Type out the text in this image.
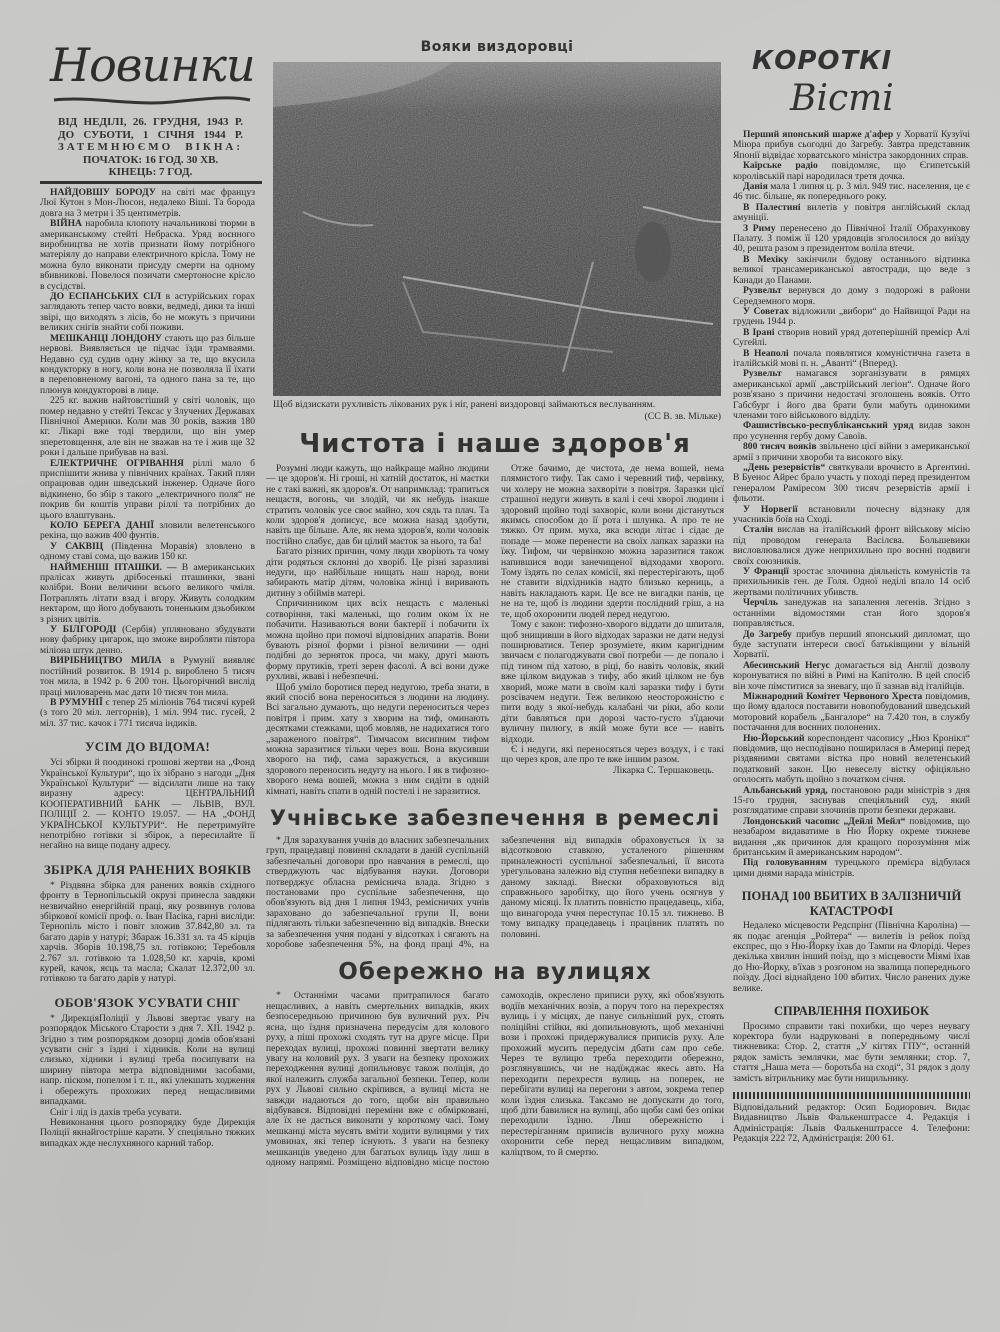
Новинки
ВІД НЕДІЛІ, 26. ГРУДНЯ, 1943 Р.
ДО СУБОТИ, 1 СІЧНЯ 1944 Р.
ЗАТЕМНЮЄМО ВІКНА:
ПОЧАТОК: 16 ГОД. 30 ХВ.
КІНЕЦЬ: 7 ГОД.

НАЙДОВШУ БОРОДУ на світі має француз Люї Кутон з Мон-Люсон, недалеко Віші. Та борода довга на 3 метри і 35 центиметрів.

ВІЙНА наробила клопоту начальникові тюрми в американському стейті Небраска. Уряд воєнного виробництва не хотів признати йому потрібного матеріялу до направи електричного крісла. Тому не можна було виконати присуду смерти на одному вбивникові. Повелося позичати смертоносне крісло в сусідстві.

ДО ЕСПАНСЬКИХ СІЛ в астурійських горах заглядають тепер часто вовки, ведмеді, дики та інші звірі, що виходять з лісів, бо не можуть з причини великих снігів знайти собі поживи.

МЕШКАНЦІ ЛОНДОНУ стають що раз більше нервові. Виявляється це підчас їзди трамваями. Недавно суд судив одну жінку за те, що вкусила кондукторку в ногу, коли вона не позволяла її їхати в переповненому вагоні, та одного пана за те, що плюнув кондукторові в лице.

225 кг. важив найтовстіший у світі чоловік, що помер недавно у стейті Тексас у Злучених Державах Північної Америки. Коли мав 30 років, важив 180 кг. Лікарі вже тоді твердили, що він умер зперетовщення, але він не зважав на те і жив ще 32 роки і дальше прибував на вазі.

ЕЛЕКТРИЧНЕ ОГРІВАННЯ ріллі мало б приспішити жнива у північних країнах. Такий плян опрацював один шведський інженер. Одначе його відкинено, бо збір з такого „електричного поля“ не покрив би коштів управи ріллі та потрібних до цього влаштувань.

КОЛО БЕРЕГА ДАНІЇ зловили велетенського рекіна, що важив 400 фунтів.

У САКВІЦ (Південна Моравія) зловлено в одному ставі сома, що важив 150 кг.

НАЙМЕНШІ ПТАШКИ. — В американських пралісах живуть дрібосенькі пташинки, звані колібри. Вони величини всього великого чміля. Потраплять літати взад і вгору. Живуть солодким нектаром, що його добувають тоненьким дзьобиком з різних цвітів.

У БІЛГОРОДІ (Сербія) упляновано збудувати нову фабрику цигарок, що зможе виробляти півтора міліона штук денно.

ВИРІБНИЦТВО МИЛА в Румунії виявляє постійний розвиток. В 1914 р. вироблено 5 тисяч тон мила, в 1942 р. 6 200 тон. Цьогорічний вислід праці миловарень має дати 10 тисяч тон мила.

В РУМУНІЇ є тепер 25 міліонів 764 тисячі курей (з того 20 міл. леггорнів), 1 міл. 994 тис. гусей, 2 міл. 37 тис. качок і 771 тисяча індиків.

УСІМ ДО ВІДОМА!

Усі збірки й поодинокі грошові жертви на „Фонд Української Культури“, що їх зібрано з нагоди „Дня Української Культури“ — відсилати лише на таку виразну адресу: ЦЕНТРАЛЬНИЙ КООПЕРАТИВНИЙ БАНК — ЛЬВІВ, ВУЛ. ПОЛІЦІЇ 2. — КОНТО 19.057. — НА „ФОНД УКРАЇНСЬКОЇ КУЛЬТУРИ“. Не перетримуйте непотрібно готівки зі збірок, а пересилайте її негайно на вище подану адресу.

ЗБІРКА ДЛЯ РАНЕНИХ ВОЯКІВ

* Різдвяна збірка для ранених вояків східного фронту в Тернопільській окрузі принесла завдяки незвичайно енергійній праці, яку розвинув голова збіркової комісії проф. о. Іван Пасіка, гарні висліди: Тернопіль місто і повіт зложив 37.842,80 зл. та багато дарів у натурі; Збараж 16.331 зл. та 45 кірців харчів. Зборів 10.198,75 зл. готівкою; Теребовля 2.767 зл. готівкою та 1.028,50 кг. харчів, кромі курей, качок, яєць та масла; Скалат 12.372,00 зл. готівкою та багато дарів у натурі.

ОБОВ'ЯЗОК УСУВАТИ СНІГ

* ДирекціяПоліції у Львові звертає увагу на розпорядок Міського Старости з дня 7. XII. 1942 р. Згідно з тим розпорядком дозорці домів обов'язані усувати сніг з їздні і хідників. Коли на вулиці слизько, хідники і вулиці треба посипувати на ширину півтора метра відповідними засобами, напр. піском, попелом і т. п., які улекшать ходження і обережуть прохожих перед нещасливими випадками.

Сніг і лід із дахів треба усувати.

Невиконання цього розпорядку буде Дирекція Поліції якнайгостріше карати. У спеціяльно тяжких випадках жде неслухняного карний табор.

Вояки виздоровці
Щоб відзискати рухливість лікованих рук і ніг, ранені виздоровці займаються веслуванням.
(СС В. зв. Мільке)
Чистота і наше здоров'я

Розумні люди кажуть, що найкраще майно людини — це здоров'я. Ні гроші, ні хатній достаток, ні маєтки не є такі важні, як здоров'я. От напримклад: трапиться нещастя, вогонь, чи злодій, чи як небудь інакше стратить чоловік усе своє майно, хоч сядь та плач. Та коли здоров'я дописує, все можна назад здобути, навіть ще більше. Але, як нема здоров'я, коли чоловік постійно слабує, дав би цілий маєток за нього, та ба!

Багато різних причин, чому люди хворіють та чому діти родяться склонні до хворіб. Це різні заразливі недуги, що найбільше нищать наш народ, вони забирають матір дітям, чоловіка жінці і виривають дитину з обіймів матері.

Спричинником цих всіх нещасть є маленькі сотворіння, такі маленькі, що голим оком їх не побачити. Називаються вони бактерії і побачити їх можна щойно при помочі відповідних апаратів. Вони бувають різної форми і різної величини — одні подібні до зерняток проса, чи маку, другі мають форму прутиків, треті зерен фасолі. А всі вони дуже рухливі, жваві і небезпечні.

Щоб уміло боротися перед недугою, треба знати, в який спосіб вона переноситься з людини на людину. Всі загально думають, що недуги переноситься через повітря і прим. хату з хворим на тиф, оминають десятками стежками, щоб мовляв, не надихатися того „зараженого повітря“. Тимчасом висипним тифом можна заразитися тільки через вош. Вона вкусивши хворого на тиф, сама заражується, а вкусивши здорового переносить недугу на нього. І як в тифозно-хворого нема вошей, можна з ним сидіти в одній кімнаті, навіть спати в одній постелі і не заразитися.

Отже бачимо, де чистота, де нема вошей, нема плямистого тифу. Так само і черевний тиф, червінку, чи холеру не можна захворіти з повітря. Заразки цієї страшної недуги живуть в калі і сечі хворої людини і здоровий щойно тоді захворіє, коли вони дістануться якимсь способом до її рота і шлунка. А про те не тяжко. От прим. муха, яка всюди літає і сідає де попаде — може перенести на своїх лапках заразки на їжу. Тифом, чи червінкою можна заразитися також напившися води занечищеної відходами хворого. Тому їздять по селах комісії, які перестерігають, щоб не ставити відхідників надто близько керниць, а навіть накладають кари. Це все не вигадки панів, це не на те, щоб із людини здерти послідний гріш, а на те, щоб охоронити людей перед недугою.

Тому є закон: тифозно-хворого віддати до шпиталя, щоб знищивши в його відходах заразки не дати недузі поширюватися. Тепер зрозуміете, яким каригідним звичаєм є полагоджувати свої потреби — де попало і під тином під хатою, в ріці, бо навіть чоловік, який вже цілком видужав з тифу, або який цілком не був хворий, може мати в своїм калі заразки тифу і бути розсівачем недуги. Теж великою неосторожністю є пити воду з якої-небудь калабані чи ріки, або коли діти бавляться при дорозі часто-густо з'їдаючи вуличну пилюгу, в якій може бути все — навіть відходи.

Є і недуги, які переносяться через воздух, і є такі що через кров, але про те вже іншим разом.

Лікарка С. Тершаковець.

Учнівське забезпечення в ремеслі

* Для зарахування учнів до власних забезпечальних груп, працедавці повинні складати в даній суспільній забезпечальні договори про навчання в ремеслі, що стверджують час відбування науки. Договори потверджує обласна ремісничa влада. Згідно з постановами про суспільне забезпечення, що обов'язують від дня 1 липня 1943, ремісничих учнів зараховано до забезпечальної групи II, вони підлягають тільки забезпеченню від випадків. Внески за забезпечення учня подані у відсотках і сягають на хоробове забезпечення 5%, на фонд праці 4%, на забезпечення від випадків обраховується їх за відсотковою ставкою, усталеного рішенням приналежності суспільної забезпечальні, її висота урегульована залежно від ступня небезпеки випадку в даному закладі. Внески обраховуються від справжнього заробітку, що його учень осягнув у даному місяці. Їх платить повністю працедавець, хіба, що винагорода учня переступає 10.15 зл. тижнево. В тому випадку працедавець і працівник платять по половині.

Обережно на вулицях

* Останніми часами притрапилося багато нещасливих, а навіть смертельних випадків, яких безпосередньою причиною був вуличний рух. Річ ясна, що їздня призначена передусім для колового руху, а піші прохожі сходять тут на друге місце. При переходах вулиці, прохожі повинні звертати велику увагу на коловий рух. З уваги на безпеку прохожих переходження вулиці допильновує також поліція, до якої належить служба загальної безпеки. Тепер, коли рух у Львові сильно скріпився, а вулиці міста не завжди надаються до того, щоби він правильно відбувався. Відповідні переміни вже є обмірковані, але їх не дасться виконати у короткому часі. Тому мешканці міста мусять вміти ходити вулицями у тих умовинах, які тепер існують. З уваги на безпеку мешканців уведено для багатьох вулиць їзду лиш в одному напрямі. Розміщено відповідно місце постою самоходів, окреслено приписи руху, які обов'язують водіїв механічних возів, а поруч того на перехрестях вулиць і у місцях, де панує сильніший рух, стоять поліційні стійки, які допильновують, щоб механічні вози і прохожі придержувалися приписів руху. Але прохожий мусить передусім дбати сам про себе. Через те вулицю треба переходити обережно, розглянувшись, чи не надїжджає якесь авто. На переходити перехрестя вулиць на поперек, не перебігати вулиці на перегони з автом, зокрема тепер коли їздня слизька. Таксамо не допускати до того, щоб діти бавилися на вулиці, або щоби самі без опіки переходили їздню. Лиш обережністю і перестеріганням приписів вуличного руху можна охоронити себе перед нещасливим випадком, каліцтвом, то й смертю.

КОРОТКІ
Вісті

Перший японський шарже д'афер у Хорватії Кузуїчі Міюра прибув сьогодні до Загребу. Завтра представник Японії відвідає хорватського міністра закордонних справ.

Каїрське радіо повідомляє, що Єгипетській королівській парі народилася третя дочка.

Данія мала 1 липня ц. р. 3 міл. 949 тис. населення, це є 46 тис. більше, як попереднього року.

В Палестині вилетів у повітря англійський склад амуніції.

З Риму перенесено до Північної Італії Обрахункову Палату. З поміж її 120 урядовців зголосилося до виїзду 40, решта разом з президентом воліла втечи.

В Мехіку закінчили будову останнього відтинка великої трансамериканської автостради, що веде з Канади до Панами.

Рузвельт вернувся до дому з подорожі в райони Середземного моря.

У Советах відложили „вибори“ до Найвищої Ради на грудень 1944 р.

В Ірані створив новий уряд дотеперішній премієр Алі Сугейлі.

В Неаполі почала появлятися комуністична газета в італійській мові п. н. „Аванті“ (Вперед).

Рузвельт намагався зорганізувати в рямцях американської армії „австрійський легіон“. Одначе його розв'язано з причини недостачі зголошень вояків. Отто Габсбург і його два брати були мабуть одинокими членами того військового відділу.

Фашистівсько-республіканський уряд видав закон про усунення гербу дому Савоїв.

800 тисяч вояків звільнено цієї війни з американської армії з причини хвороби та високого віку.

„День резервістів“ святкували врочисто в Аргентині. В Буенос Айрес брало участь у поході перед президентом генералом Раміресом 300 тисяч резервістів армії і фльоти.

У Норвегії встановили почесну відзнаку для учасників боїв на Сході.

Сталін вислав на італійський фронт військову місію під проводом генерала Васілєва. Большевики висловлювалися дуже неприхильно про воєнні подвиги своїх союзників.

У Франції зростає злочинна діяльність комуністів та прихильників ген. де Голя. Одної неділі впало 14 осіб жертвами політичних убивств.

Черчіль занедужав на запалення легенів. Згідно з останніми відомостями стан його здоров'я поправляється.

До Загребу прибув перший японський дипломат, що буде заступати інтереси своєї батьківщини у вільній Хорватії.

Абесинський Негус домагається від Англії дозволу коронуватися по війні в Римі на Капітолю. В цей спосіб він хоче пімститися за зневагу, що її зазнав від італійців.

Міжнародний Комітет Червоного Хреста повідомив, що йому вдалося поставити новопобудований шведський моторовий корабель „Бангалоре“ на 7.420 тон, в службу постачання для воєнних полонених.

Ню-Йорський кореспондент часопису „Нюз Кронікл“ повідомив, що несподівано поширилася в Америці перед різдвяними святами вістка про новий велетенський податковий закон. Цю невеселу вістку офіціяльно оголосять мабуть щойно з початком січня.

Альбанський уряд, постановою ради міністрів з дня 15-го грудня, заснував спеціяльний суд, який розглядатиме справи злочинів проти безпеки держави.

Лондонський часопис „Дейлі Мейл“ повідомив, що незабаром видаватиме в Ню Йорку окреме тижневе видання „як причинок для кращого порозуміння між британським й американським народом“.

Під головуванням турецького премієра відбулася цими днями нарада міністрів.

ПОНАД 100 ВБИТИХ В ЗАЛІЗНИЧІЙ КАТАСТРОФІ

Недалеко місцевости Редспрінґ (Північна Кароліна) — як подає агенція „Ройтера“ — вилетів із рейок поїзд експрес, що з Ню-Йорку їхав до Тампи на Флоріді. Через декілька хвилин інший поїзд, що з місцевости Міямі їхав до Ню-Йорку, в'їхав з розгоном на звалища попереднього поїзду. Досі віднайдено 100 вбитих. Число ранених дуже велике.

СПРАВЛЕННЯ ПОХИБОК

Просимо справити такі похибки, що через неувагу коректора були надруковані в попередньому числі тижневика: Стор. 2, стаття „У кігтях ГПУ“, останній рядок замість землячки, має бути землянки; стор. 7, стаття „Наша мета — боротьба на сході“, 31 рядок з долу замість вітрильнику має бути нищильнику.

Відповідальний редактор: Осип Бодиорович. Видає Видавництво Львів Фалькенштрассе 4. Редакція і Адміністрація: Львів Фалькенштрассе 4. Телефони: Редакція 222 72, Адміністрація: 200 61.
